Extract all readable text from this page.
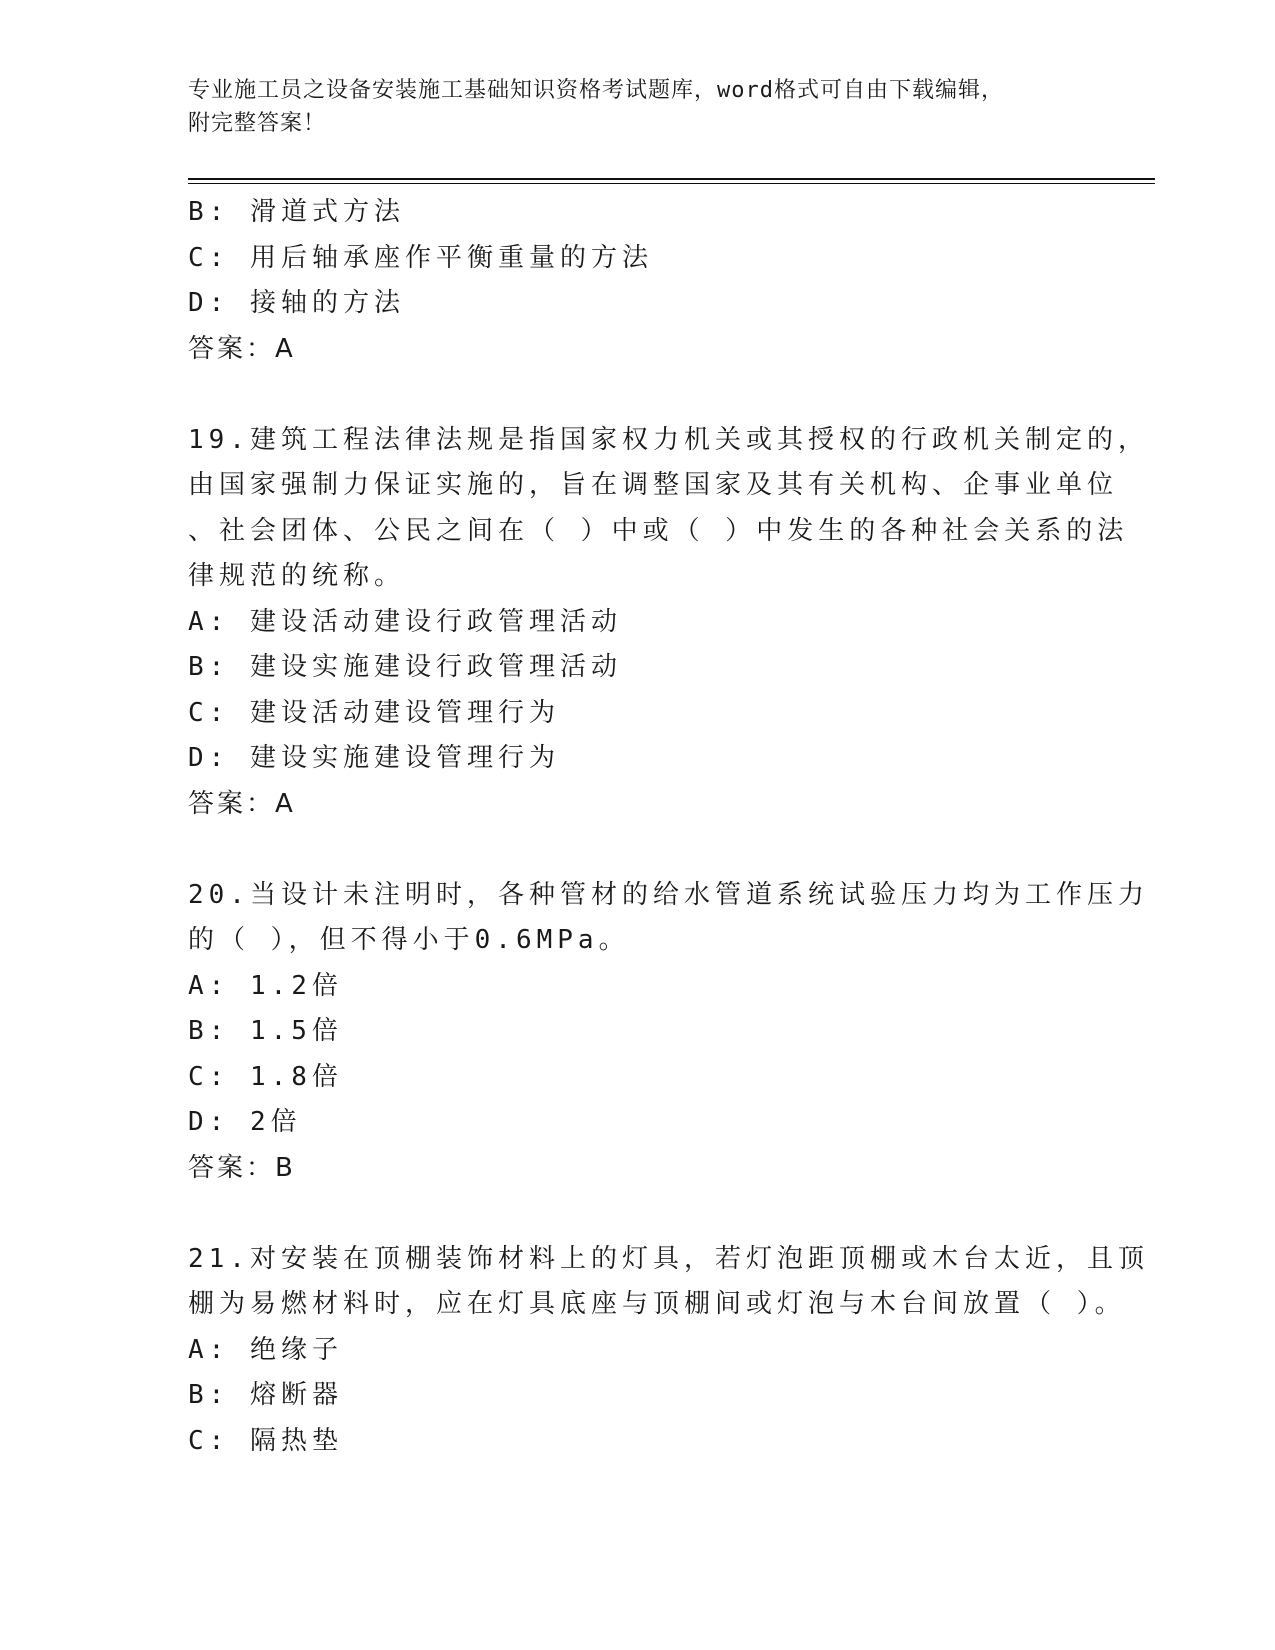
专业施工员之设备安装施工基础知识资格考试题库，word格式可自由下载编辑，
附完整答案！
B: 滑道式方法
C: 用后轴承座作平衡重量的方法
D: 接轴的方法
答案：A
19.建筑工程法律法规是指国家权力机关或其授权的行政机关制定的，
由国家强制力保证实施的，旨在调整国家及其有关机构、企事业单位
、社会团体、公民之间在（ ）中或（ ）中发生的各种社会关系的法
律规范的统称。
A: 建设活动建设行政管理活动
B: 建设实施建设行政管理活动
C: 建设活动建设管理行为
D: 建设实施建设管理行为
答案：A
20.当设计未注明时，各种管材的给水管道系统试验压力均为工作压力
的（ ），但不得小于0.6MPa。
A: 1.2倍
B: 1.5倍
C: 1.8倍
D: 2倍
答案：B
21.对安装在顶棚装饰材料上的灯具，若灯泡距顶棚或木台太近，且顶
棚为易燃材料时，应在灯具底座与顶棚间或灯泡与木台间放置（ ）。
A: 绝缘子
B: 熔断器
C: 隔热垫
